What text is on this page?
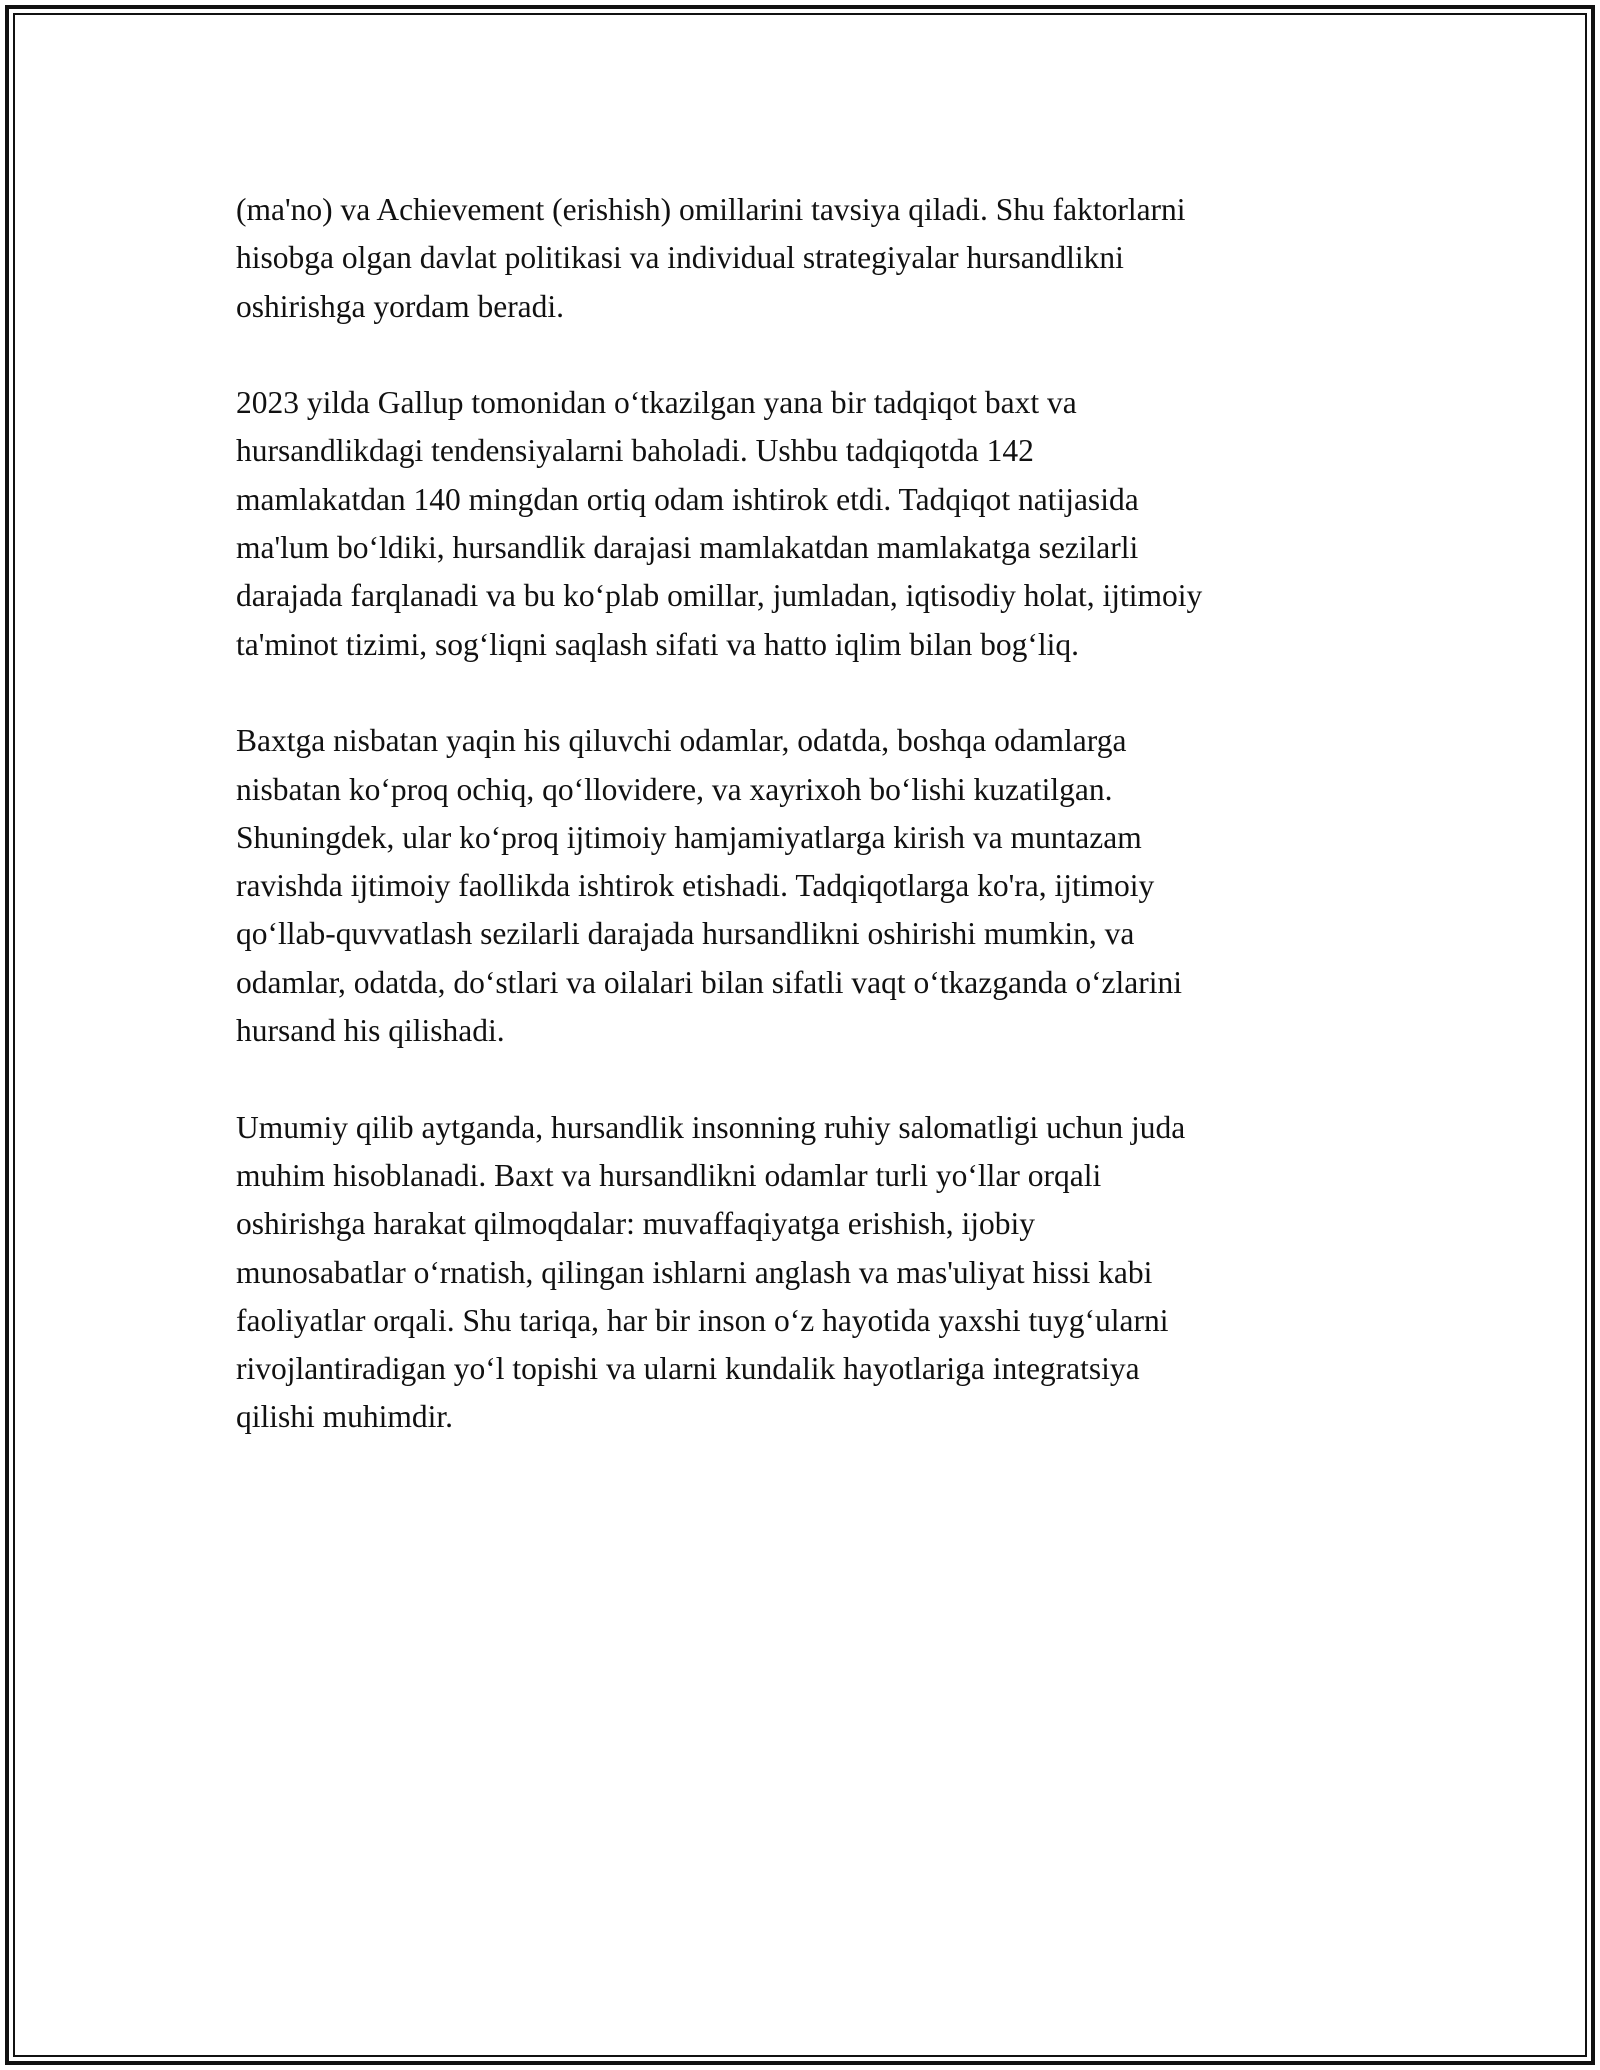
(ma'no) va Achievement (erishish) omillarini tavsiya qiladi. Shu faktorlarni
hisobga olgan davlat politikasi va individual strategiyalar hursandlikni
oshirishga yordam beradi.

2023 yilda Gallup tomonidan o‘tkazilgan yana bir tadqiqot baxt va
hursandlikdagi tendensiyalarni baholadi. Ushbu tadqiqotda 142
mamlakatdan 140 mingdan ortiq odam ishtirok etdi. Tadqiqot natijasida
ma'lum bo‘ldiki, hursandlik darajasi mamlakatdan mamlakatga sezilarli
darajada farqlanadi va bu ko‘plab omillar, jumladan, iqtisodiy holat, ijtimoiy
ta'minot tizimi, sog‘liqni saqlash sifati va hatto iqlim bilan bog‘liq.

Baxtga nisbatan yaqin his qiluvchi odamlar, odatda, boshqa odamlarga
nisbatan ko‘proq ochiq, qo‘llovidere, va xayrixoh bo‘lishi kuzatilgan.
Shuningdek, ular ko‘proq ijtimoiy hamjamiyatlarga kirish va muntazam
ravishda ijtimoiy faollikda ishtirok etishadi. Tadqiqotlarga ko'ra, ijtimoiy
qo‘llab-quvvatlash sezilarli darajada hursandlikni oshirishi mumkin, va
odamlar, odatda, do‘stlari va oilalari bilan sifatli vaqt o‘tkazganda o‘zlarini
hursand his qilishadi.

Umumiy qilib aytganda, hursandlik insonning ruhiy salomatligi uchun juda
muhim hisoblanadi. Baxt va hursandlikni odamlar turli yo‘llar orqali
oshirishga harakat qilmoqdalar: muvaffaqiyatga erishish, ijobiy
munosabatlar o‘rnatish, qilingan ishlarni anglash va mas'uliyat hissi kabi
faoliyatlar orqali. Shu tariqa, har bir inson o‘z hayotida yaxshi tuyg‘ularni
rivojlantiradigan yo‘l topishi va ularni kundalik hayotlariga integratsiya
qilishi muhimdir.
